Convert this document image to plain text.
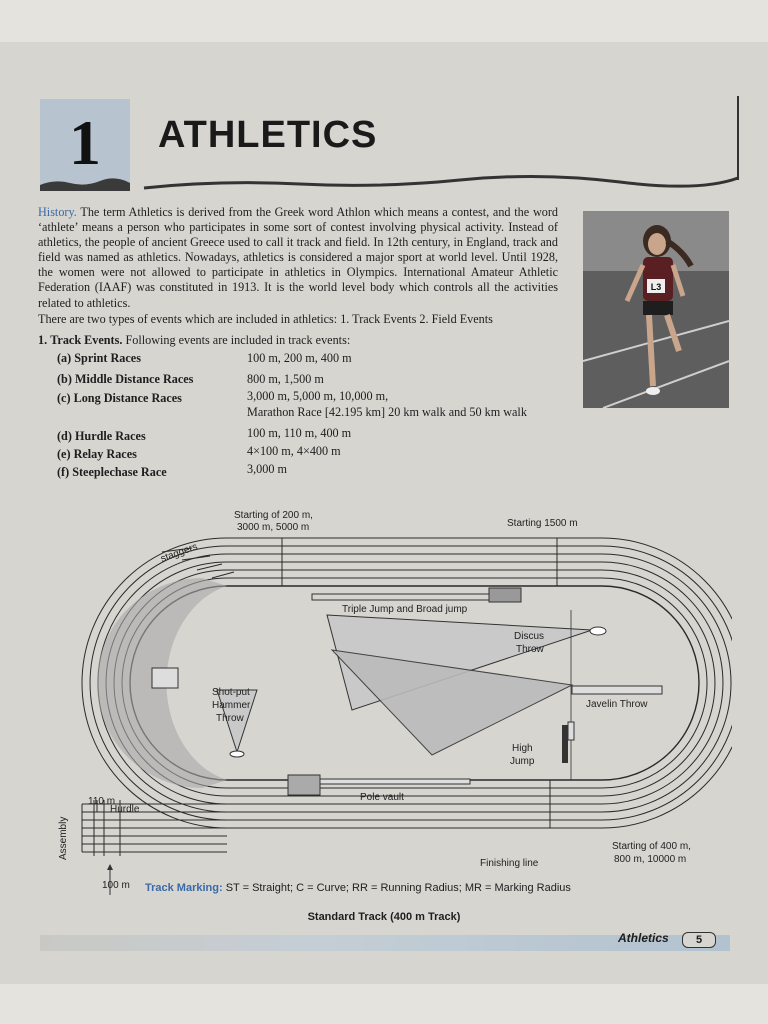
1	ATHLETICS
History. The term Athletics is derived from the Greek word Athlon which means a contest, and the word ‘athlete’ means a person who participates in some sort of contest involving physical activity. Instead of athletics, the people of ancient Greece used to call it track and field. In 12th century, in England, track and field was named as athletics. Nowadays, athletics is considered a major sport at world level. Until 1928, the women were not allowed to participate in athletics in Olympics. International Amateur Athletic Federation (IAAF) was constituted in 1913. It is the world level body which controls all the activities related to athletics.
There are two types of events which are included in athletics: 1. Track Events 2. Field Events
1. Track Events. Following events are included in track events:
(a) Sprint Races	100 m, 200 m, 400 m
(b) Middle Distance Races	800 m, 1,500 m
(c) Long Distance Races	3,000 m, 5,000 m, 10,000 m,
Marathon Race [42.195 km] 20 km walk and 50 km walk
(d) Hurdle Races	100 m, 110 m, 400 m
(e) Relay Races	4×100 m, 4×400 m
(f) Steeplechase Race	3,000 m
L3
Starting of 200 m,
3000 m, 5000 m	Starting 1500 m
staggers
Triple Jump and Broad jump
Discus
Throw
Shot-put
Hammer
Throw
Javelin Throw
High
Jump
110 m
Hurdle
Pole vault
Assembly
Finishing line
Starting of 400 m,
800 m, 10000 m
100 m Track Marking: ST = Straight; C = Curve; RR = Running Radius; MR = Marking Radius
Standard Track (400 m Track)
Athletics	5
